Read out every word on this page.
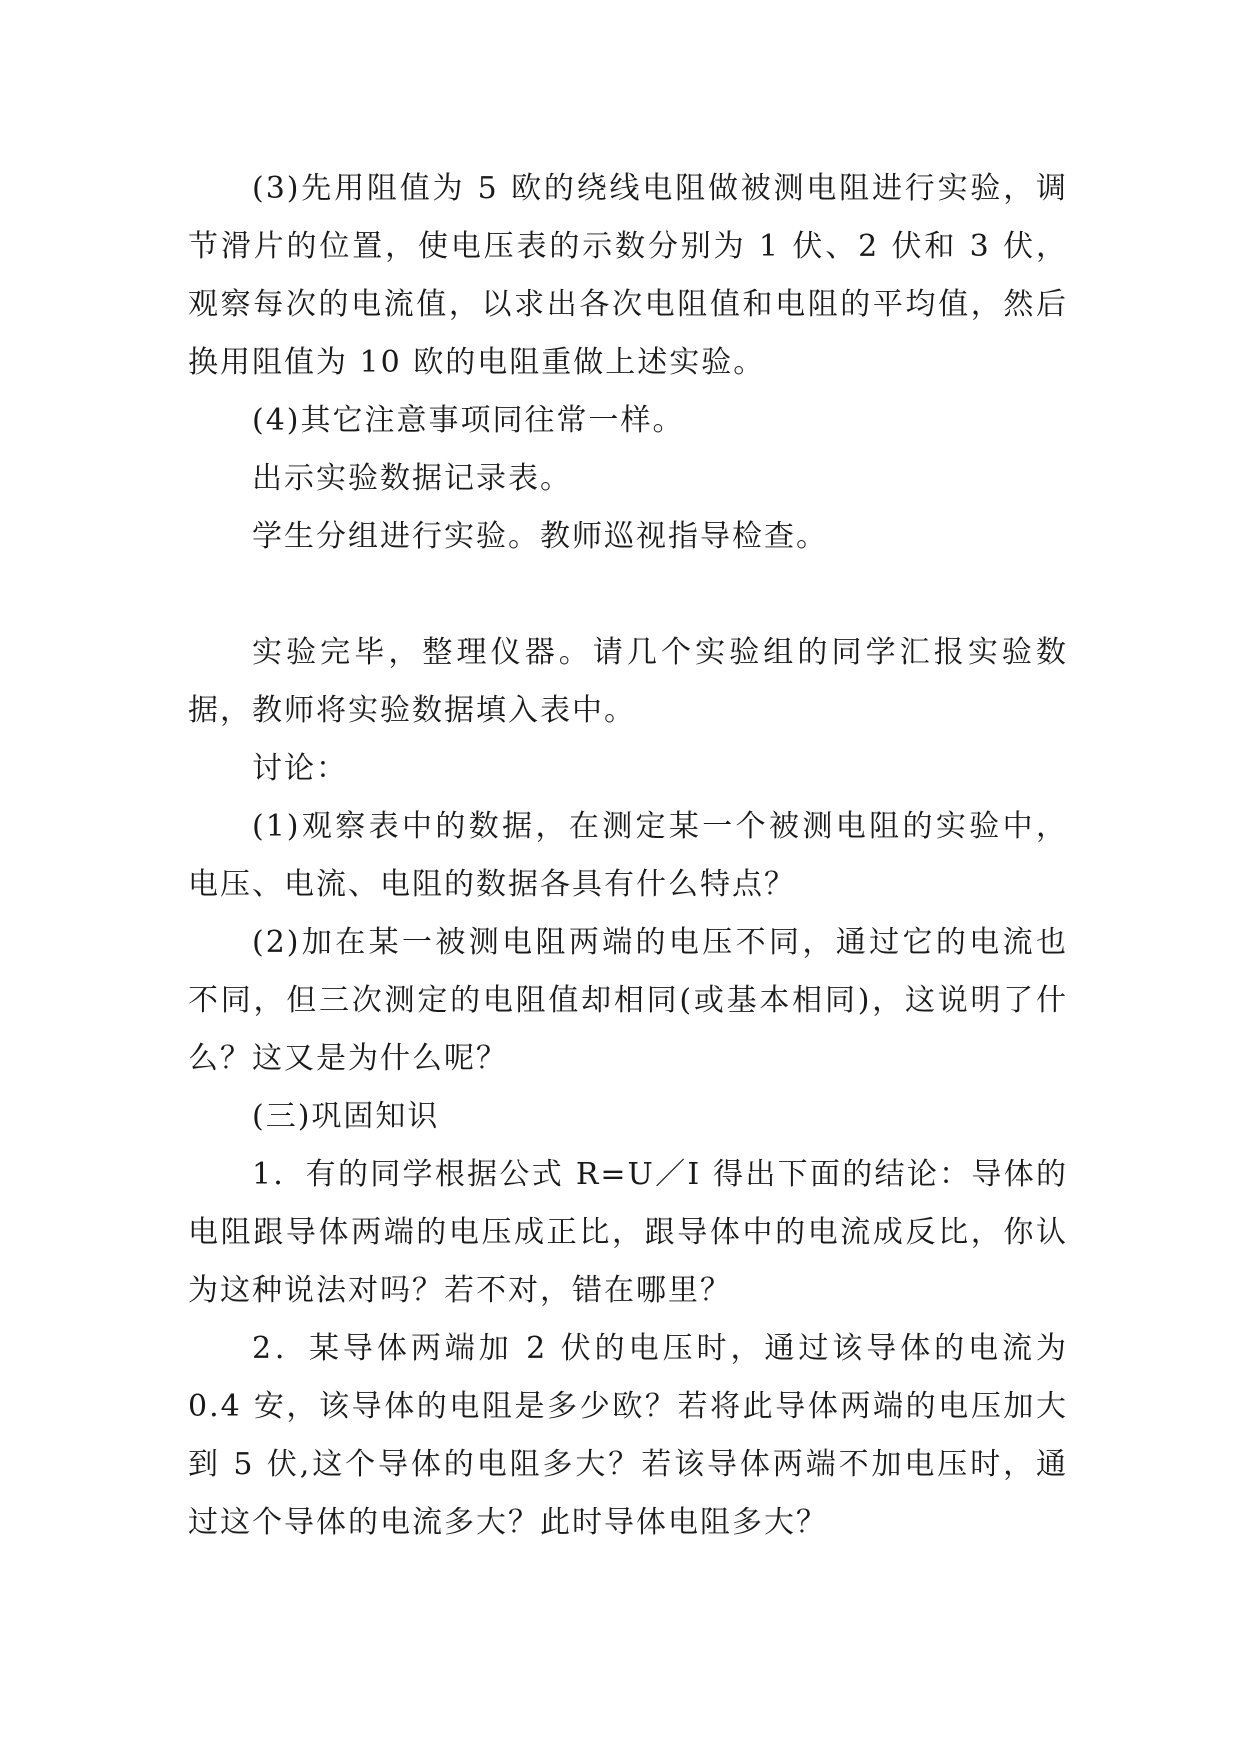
(3)先用阻值为 5 欧的绕线电阻做被测电阻进行实验，调节滑片的位置，使电压表的示数分别为 1 伏、2 伏和 3 伏，观察每次的电流值，以求出各次电阻值和电阻的平均值，然后换用阻值为 10 欧的电阻重做上述实验。

(4)其它注意事项同往常一样。

出示实验数据记录表。

学生分组进行实验。教师巡视指导检查。

实验完毕，整理仪器。请几个实验组的同学汇报实验数据，教师将实验数据填入表中。

讨论：

(1)观察表中的数据，在测定某一个被测电阻的实验中，电压、电流、电阻的数据各具有什么特点？

(2)加在某一被测电阻两端的电压不同，通过它的电流也不同，但三次测定的电阻值却相同(或基本相同)，这说明了什么？这又是为什么呢？

(三)巩固知识

1．有的同学根据公式 R=U／I 得出下面的结论：导体的电阻跟导体两端的电压成正比，跟导体中的电流成反比，你认为这种说法对吗？若不对，错在哪里？

2．某导体两端加 2 伏的电压时，通过该导体的电流为 0.4 安，该导体的电阻是多少欧？若将此导体两端的电压加大到 5 伏,这个导体的电阻多大？若该导体两端不加电压时，通过这个导体的电流多大？此时导体电阻多大？
